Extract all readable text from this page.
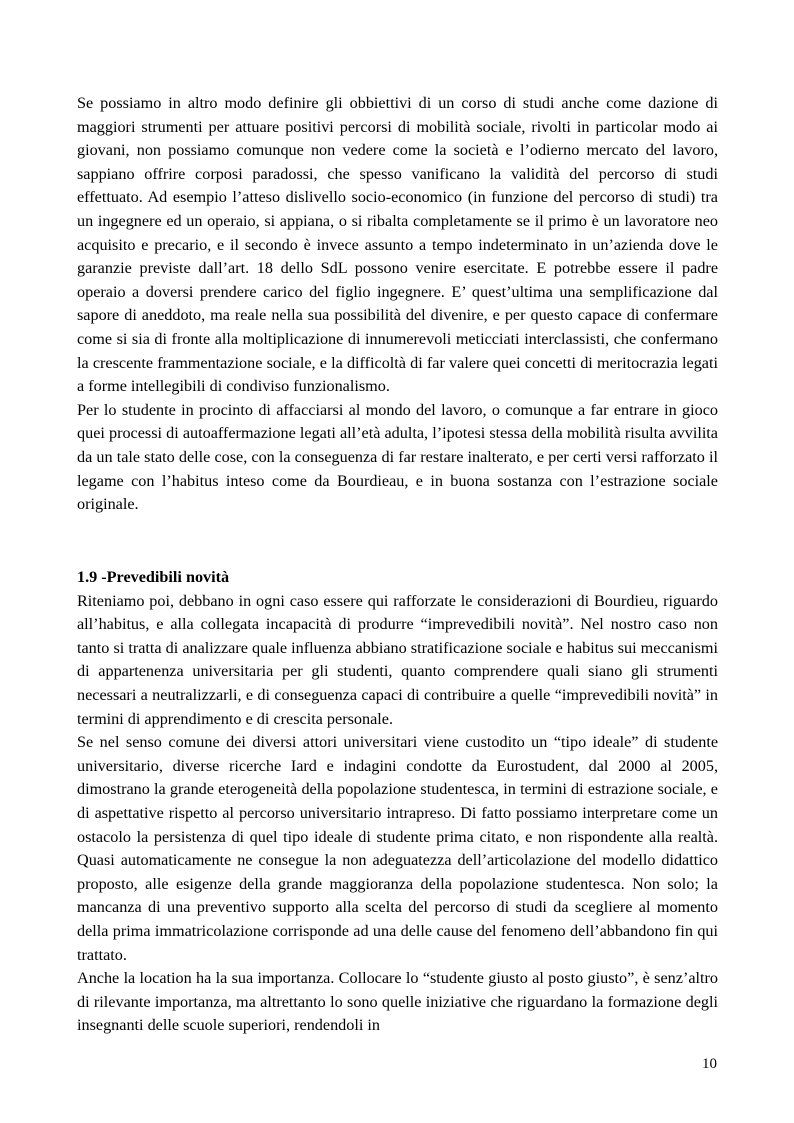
Se possiamo in altro modo definire gli obbiettivi di un corso di studi anche come dazione di maggiori strumenti per attuare positivi percorsi di mobilità sociale, rivolti in particolar modo ai giovani, non possiamo comunque non vedere come la società e l’odierno mercato del lavoro, sappiano offrire corposi paradossi, che spesso vanificano la validità del percorso di studi effettuato. Ad esempio l’atteso dislivello socio-economico (in funzione del percorso di studi) tra un ingegnere ed un operaio, si appiana, o si ribalta completamente se il primo è un lavoratore neo acquisito e precario, e il secondo è invece assunto a tempo indeterminato in un’azienda dove le garanzie previste dall’art. 18 dello SdL possono venire esercitate. E potrebbe essere il padre operaio a doversi prendere carico del figlio ingegnere. E’ quest’ultima una semplificazione dal sapore di aneddoto, ma reale nella sua possibilità del divenire, e per questo capace di confermare come si sia di fronte alla moltiplicazione di innumerevoli meticciati interclassisti, che confermano la crescente frammentazione sociale, e la difficoltà di far valere quei concetti di meritocrazia legati a forme intellegibili di condiviso funzionalismo.

Per lo studente in procinto di affacciarsi al mondo del lavoro, o comunque a far entrare in gioco quei processi di autoaffermazione legati all’età adulta, l’ipotesi stessa della mobilità risulta avvilita da un tale stato delle cose, con la conseguenza di far restare inalterato, e per certi versi rafforzato il legame con l’habitus inteso come da Bourdieau, e in buona sostanza con l’estrazione sociale originale.

1.9 -Prevedibili novità

Riteniamo poi, debbano in ogni caso essere qui rafforzate le considerazioni di Bourdieu, riguardo all’habitus, e alla collegata incapacità di produrre “imprevedibili novità”. Nel nostro caso non tanto si tratta di analizzare quale influenza abbiano stratificazione sociale e habitus sui meccanismi di appartenenza universitaria per gli studenti, quanto comprendere quali siano gli strumenti necessari a neutralizzarli, e di conseguenza capaci di contribuire a quelle “imprevedibili novità” in termini di apprendimento e di crescita personale.

Se nel senso comune dei diversi attori universitari viene custodito un “tipo ideale” di studente universitario, diverse ricerche Iard e indagini condotte da Eurostudent, dal 2000 al 2005, dimostrano la grande eterogeneità della popolazione studentesca, in termini di estrazione sociale, e di aspettative rispetto al percorso universitario intrapreso. Di fatto possiamo interpretare come un ostacolo la persistenza di quel tipo ideale di studente prima citato, e non rispondente alla realtà. Quasi automaticamente ne consegue la non adeguatezza dell’articolazione del modello didattico proposto, alle esigenze della grande maggioranza della popolazione studentesca. Non solo; la mancanza di una preventivo supporto alla scelta del percorso di studi da scegliere al momento della prima immatricolazione corrisponde ad una delle cause del fenomeno dell’abbandono fin qui trattato.

Anche la location ha la sua importanza. Collocare lo “studente giusto al posto giusto”, è senz’altro di rilevante importanza, ma altrettanto lo sono quelle iniziative che riguardano la formazione degli insegnanti delle scuole superiori, rendendoli in

10
